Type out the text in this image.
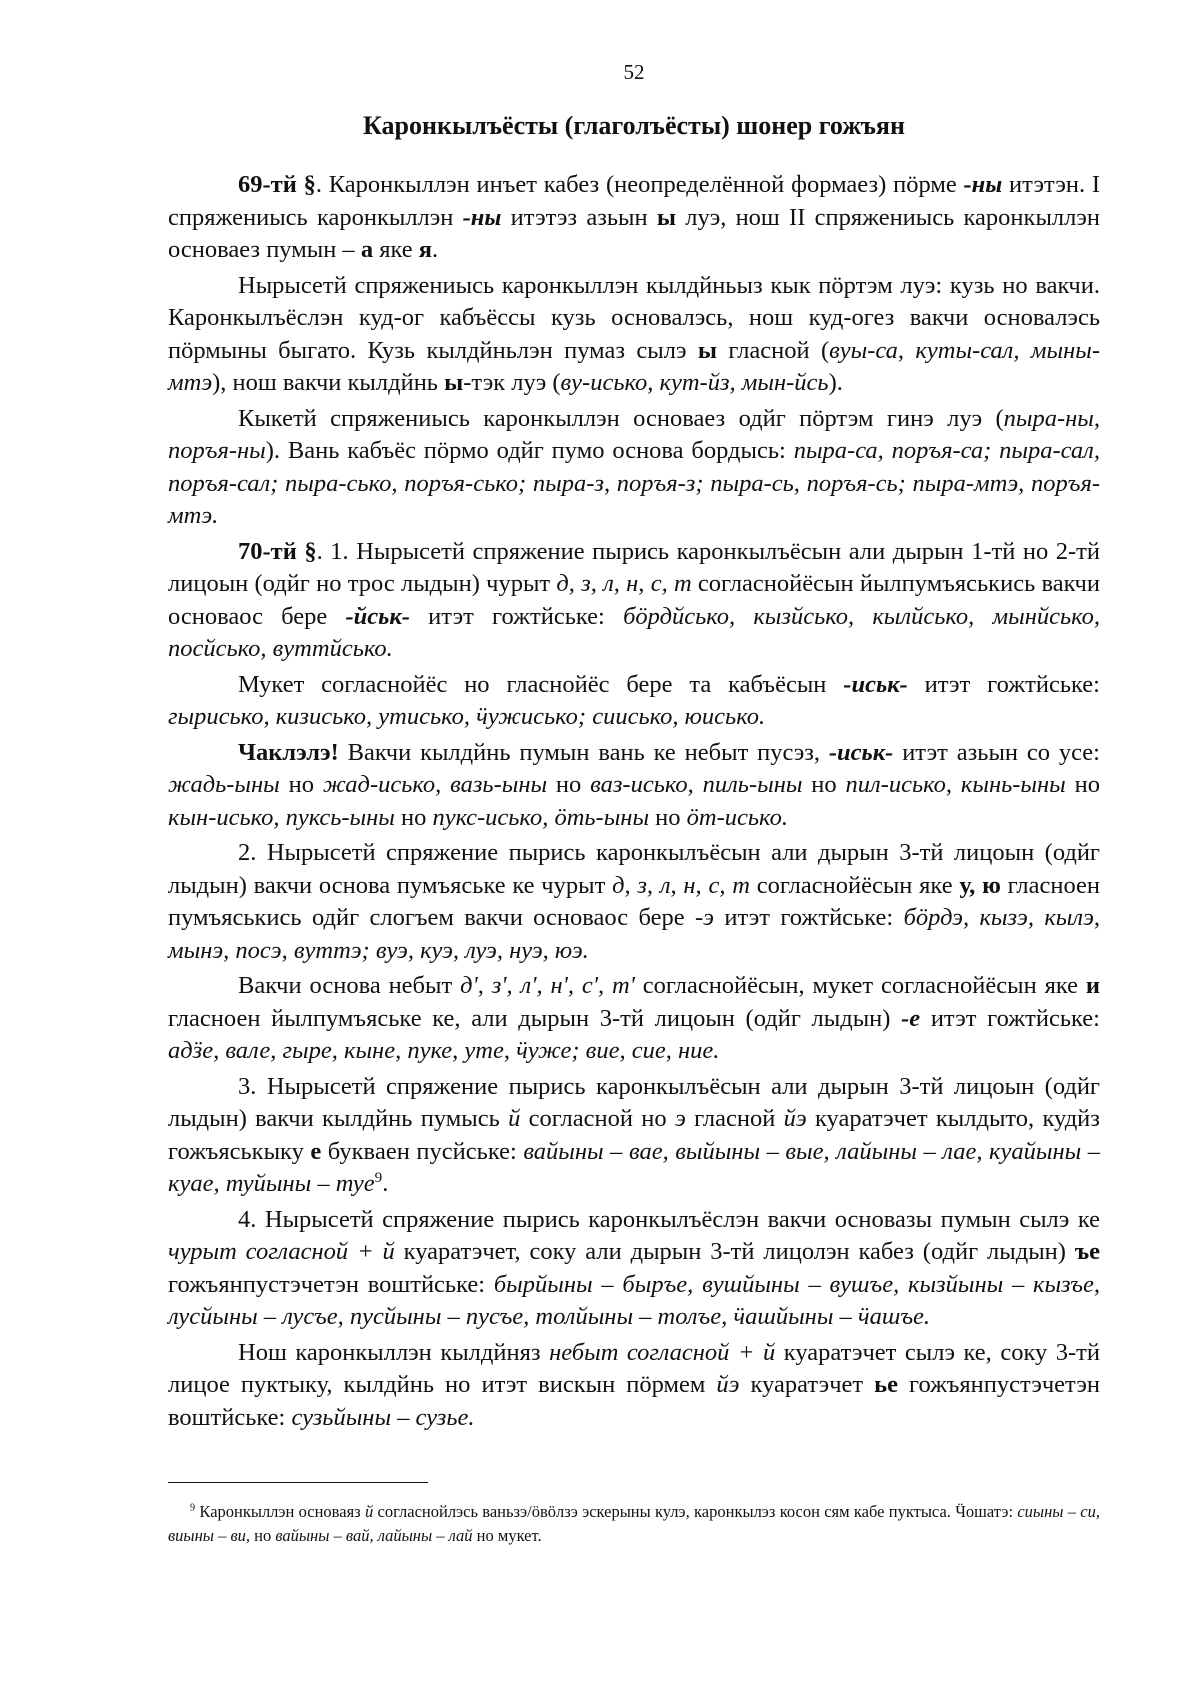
52
Каронкылъёсты (глаголъёсты) шонер гожъян

69-тй §. Каронкыллэн инъет кабез (неопределённой формаез) пӧрме -ны итэтэн. I спряжениысь каронкыллэн -ны итэтэз азьын ы луэ, нош II спряжениысь каронкыллэн основаез пумын – а яке я.

Нырысетй спряжениысь каронкыллэн кылдйньыз кык пӧртэм луэ: кузь но вакчи. Каронкылъёслэн куд-ог кабъёссы кузь основалэсь, нош куд-огез вакчи основалэсь пӧрмыны быгато. Кузь кылдйньлэн пумаз сылэ ы гласной (вуы-са, куты-сал, мыны-мтэ), нош вакчи кылдйнь ы-тэк луэ (ву-исько, кут-йз, мын-йсь).

Кыкетй спряжениысь каронкыллэн основаез одйг пӧртэм гинэ луэ (пыра-ны, поръя-ны). Вань кабъёс пӧрмо одйг пумо основа бордысь: пыра-са, поръя-са; пыра-сал, поръя-сал; пыра-сько, поръя-сько; пыра-з, поръя-з; пыра-сь, поръя-сь; пыра-мтэ, поръя-мтэ.

70-тй §. 1. Нырысетй спряжение пырись каронкылъёсын али дырын 1-тй но 2-тй лицоын (одйг но трос лыдын) чурыт д, з, л, н, с, т согласнойёсын йылпумъяськись вакчи основаос бере -йськ- итэт гожтйське: бӧрдйсько, кызйсько, кылйсько, мынйсько, посйсько, вуттйсько.

Мукет согласнойёс но гласнойёс бере та кабъёсын -иськ- итэт гожтйське: гырисько, кизисько, утисько, ӵужисько; сиисько, юисько.

Чаклэлэ! Вакчи кылдйнь пумын вань ке небыт пусэз, -иськ- итэт азьын со усе: жадь-ыны но жад-исько, вазь-ыны но ваз-исько, пиль-ыны но пил-исько, кынь-ыны но кын-исько, пуксь-ыны но пукс-исько, ӧть-ыны но ӧт-исько.

2. Нырысетй спряжение пырись каронкылъёсын али дырын 3-тй лицоын (одйг лыдын) вакчи основа пумъяське ке чурыт д, з, л, н, с, т согласнойёсын яке у, ю гласноен пумъяськись одйг слогъем вакчи основаос бере -э итэт гожтйське: бӧрдэ, кызэ, кылэ, мынэ, посэ, вуттэ; вуэ, куэ, луэ, нуэ, юэ.

Вакчи основа небыт д', з', л', н', с', т' согласнойёсын, мукет согласнойёсын яке и гласноен йылпумъяське ке, али дырын 3-тй лицоын (одйг лыдын) -е итэт гожтйське: адӟе, вале, гыре, кыне, пуке, уте, ӵуже; вие, сие, ние.

3. Нырысетй спряжение пырись каронкылъёсын али дырын 3-тй лицоын (одйг лыдын) вакчи кылдйнь пумысь й согласной но э гласной йэ куаратэчет кылдыто, кудйз гожъяськыку е буквaен пусйське: вайыны – вае, выйыны – вые, лайыны – лае, куайыны – куае, туйыны – туе$^9$.

4. Нырысетй спряжение пырись каронкылъёслэн вакчи основазы пумын сылэ ке чурыт согласной + й куаратэчет, соку али дырын 3-тй лицолэн кабез (одйг лыдын) ъе гожъянпустэчетэн воштйське: бырйыны – быръе, вушйыны – вушъе, кызйыны – кызъе, лусйыны – лусъе, пусйыны – пусъе, толйыны – толъе, ӵашйыны – ӵашъе.

Нош каронкыллэн кылдйняз небыт согласной + й куаратэчет сылэ ке, соку 3-тй лицое пуктыку, кылдйнь но итэт вискын пӧрмем йэ куаратэчет ье гожъянпустэчетэн воштйське: сузьйыны – сузье.

$^9$ Каронкыллэн основаяз й согласнойлэсь ваньзэ/ӧвӧлзэ эскерыны кулэ, каронкылэз косон сям кабе пуктыса. Ӵошатэ: сиыны – си, виыны – ви, но вайыны – вай, лайыны – лай но мукет.
